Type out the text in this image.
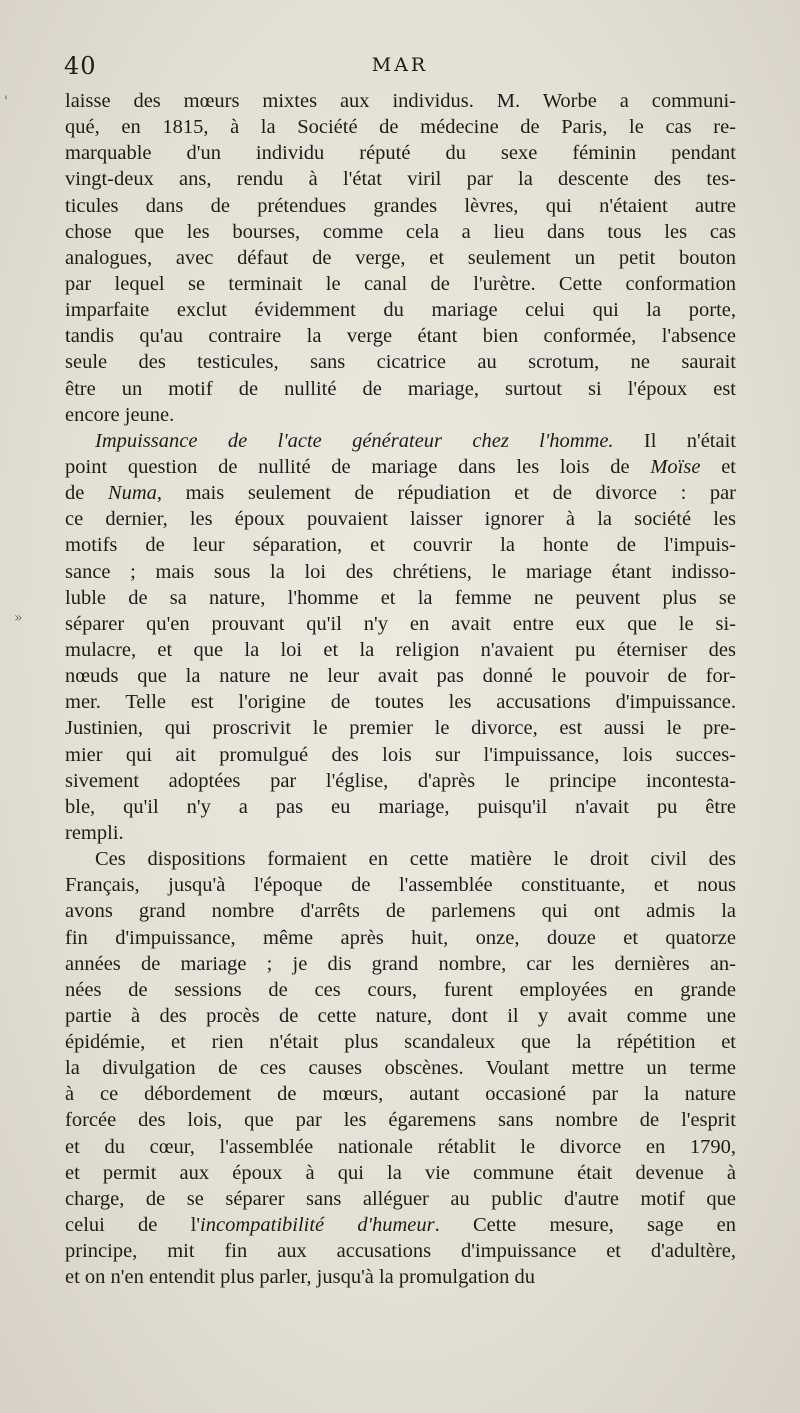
40	MAR
'
»

laisse des mœurs mixtes aux individus. M. Worbe a communi-
qué, en 1815, à la Société de médecine de Paris, le cas re-
marquable d'un individu réputé du sexe féminin pendant
vingt-deux ans, rendu à l'état viril par la descente des tes-
ticules dans de prétendues grandes lèvres, qui n'étaient autre
chose que les bourses, comme cela a lieu dans tous les cas
analogues, avec défaut de verge, et seulement un petit bouton
par lequel se terminait le canal de l'urètre. Cette conformation
imparfaite exclut évidemment du mariage celui qui la porte,
tandis qu'au contraire la verge étant bien conformée, l'absence
seule des testicules, sans cicatrice au scrotum, ne saurait
être un motif de nullité de mariage, surtout si l'époux est
encore jeune.

Impuissance de l'acte générateur chez l'homme. Il n'était
point question de nullité de mariage dans les lois de Moïse et
de Numa, mais seulement de répudiation et de divorce : par
ce dernier, les époux pouvaient laisser ignorer à la société les
motifs de leur séparation, et couvrir la honte de l'impuis-
sance ; mais sous la loi des chrétiens, le mariage étant indisso-
luble de sa nature, l'homme et la femme ne peuvent plus se
séparer qu'en prouvant qu'il n'y en avait entre eux que le si-
mulacre, et que la loi et la religion n'avaient pu éterniser des
nœuds que la nature ne leur avait pas donné le pouvoir de for-
mer. Telle est l'origine de toutes les accusations d'impuissance.
Justinien, qui proscrivit le premier le divorce, est aussi le pre-
mier qui ait promulgué des lois sur l'impuissance, lois succes-
sivement adoptées par l'église, d'après le principe incontesta-
ble, qu'il n'y a pas eu mariage, puisqu'il n'avait pu être
rempli.

Ces dispositions formaient en cette matière le droit civil des
Français, jusqu'à l'époque de l'assemblée constituante, et nous
avons grand nombre d'arrêts de parlemens qui ont admis la
fin d'impuissance, même après huit, onze, douze et quatorze
années de mariage ; je dis grand nombre, car les dernières an-
nées de sessions de ces cours, furent employées en grande
partie à des procès de cette nature, dont il y avait comme une
épidémie, et rien n'était plus scandaleux que la répétition et
la divulgation de ces causes obscènes. Voulant mettre un terme
à ce débordement de mœurs, autant occasioné par la nature
forcée des lois, que par les égaremens sans nombre de l'esprit
et du cœur, l'assemblée nationale rétablit le divorce en 1790,
et permit aux époux à qui la vie commune était devenue à
charge, de se séparer sans alléguer au public d'autre motif que
celui de l'incompatibilité d'humeur. Cette mesure, sage en
principe, mit fin aux accusations d'impuissance et d'adultère,
et on n'en entendit plus parler, jusqu'à la promulgation du
